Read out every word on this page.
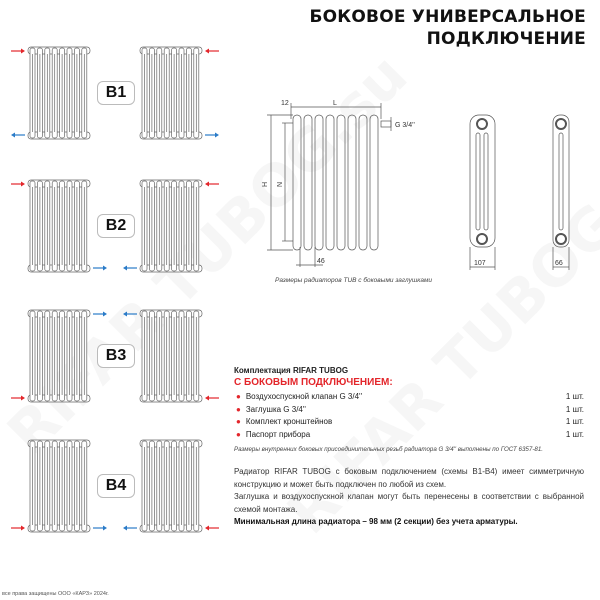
БОКОВОЕ УНИВЕРСАЛЬНОЕ
ПОДКЛЮЧЕНИЕ
B1
B2
B3
B4
12	L
G 3/4''
H N
46	107	66
Размеры радиаторов TUB с боковыми заглушками
Комплектация RIFAR TUBOG
С БОКОВЫМ ПОДКЛЮЧЕНИЕМ:
● Воздухоспускной клапан G 3/4''	1 шт.
● Заглушка G 3/4''	1 шт.
● Комплект кронштейнов	1 шт.
● Паспорт прибора	1 шт.
Размеры внутренних боковых присоединительных резьб радиатора G 3/4'' выполнены по ГОСТ 6357-81.

Радиатор RIFAR TUBOG с боковым подключением (схемы B1-B4) имеет симметричную конструкцию и может быть подключен по любой из схем.

Заглушка и воздухоспускной клапан могут быть перенесены в соответствии с выбранной схемой монтажа.

Минимальная длина радиатора – 98 мм (2 секции) без учета арматуры.

все права защищены ООО «КАРЗ» 2024г.
